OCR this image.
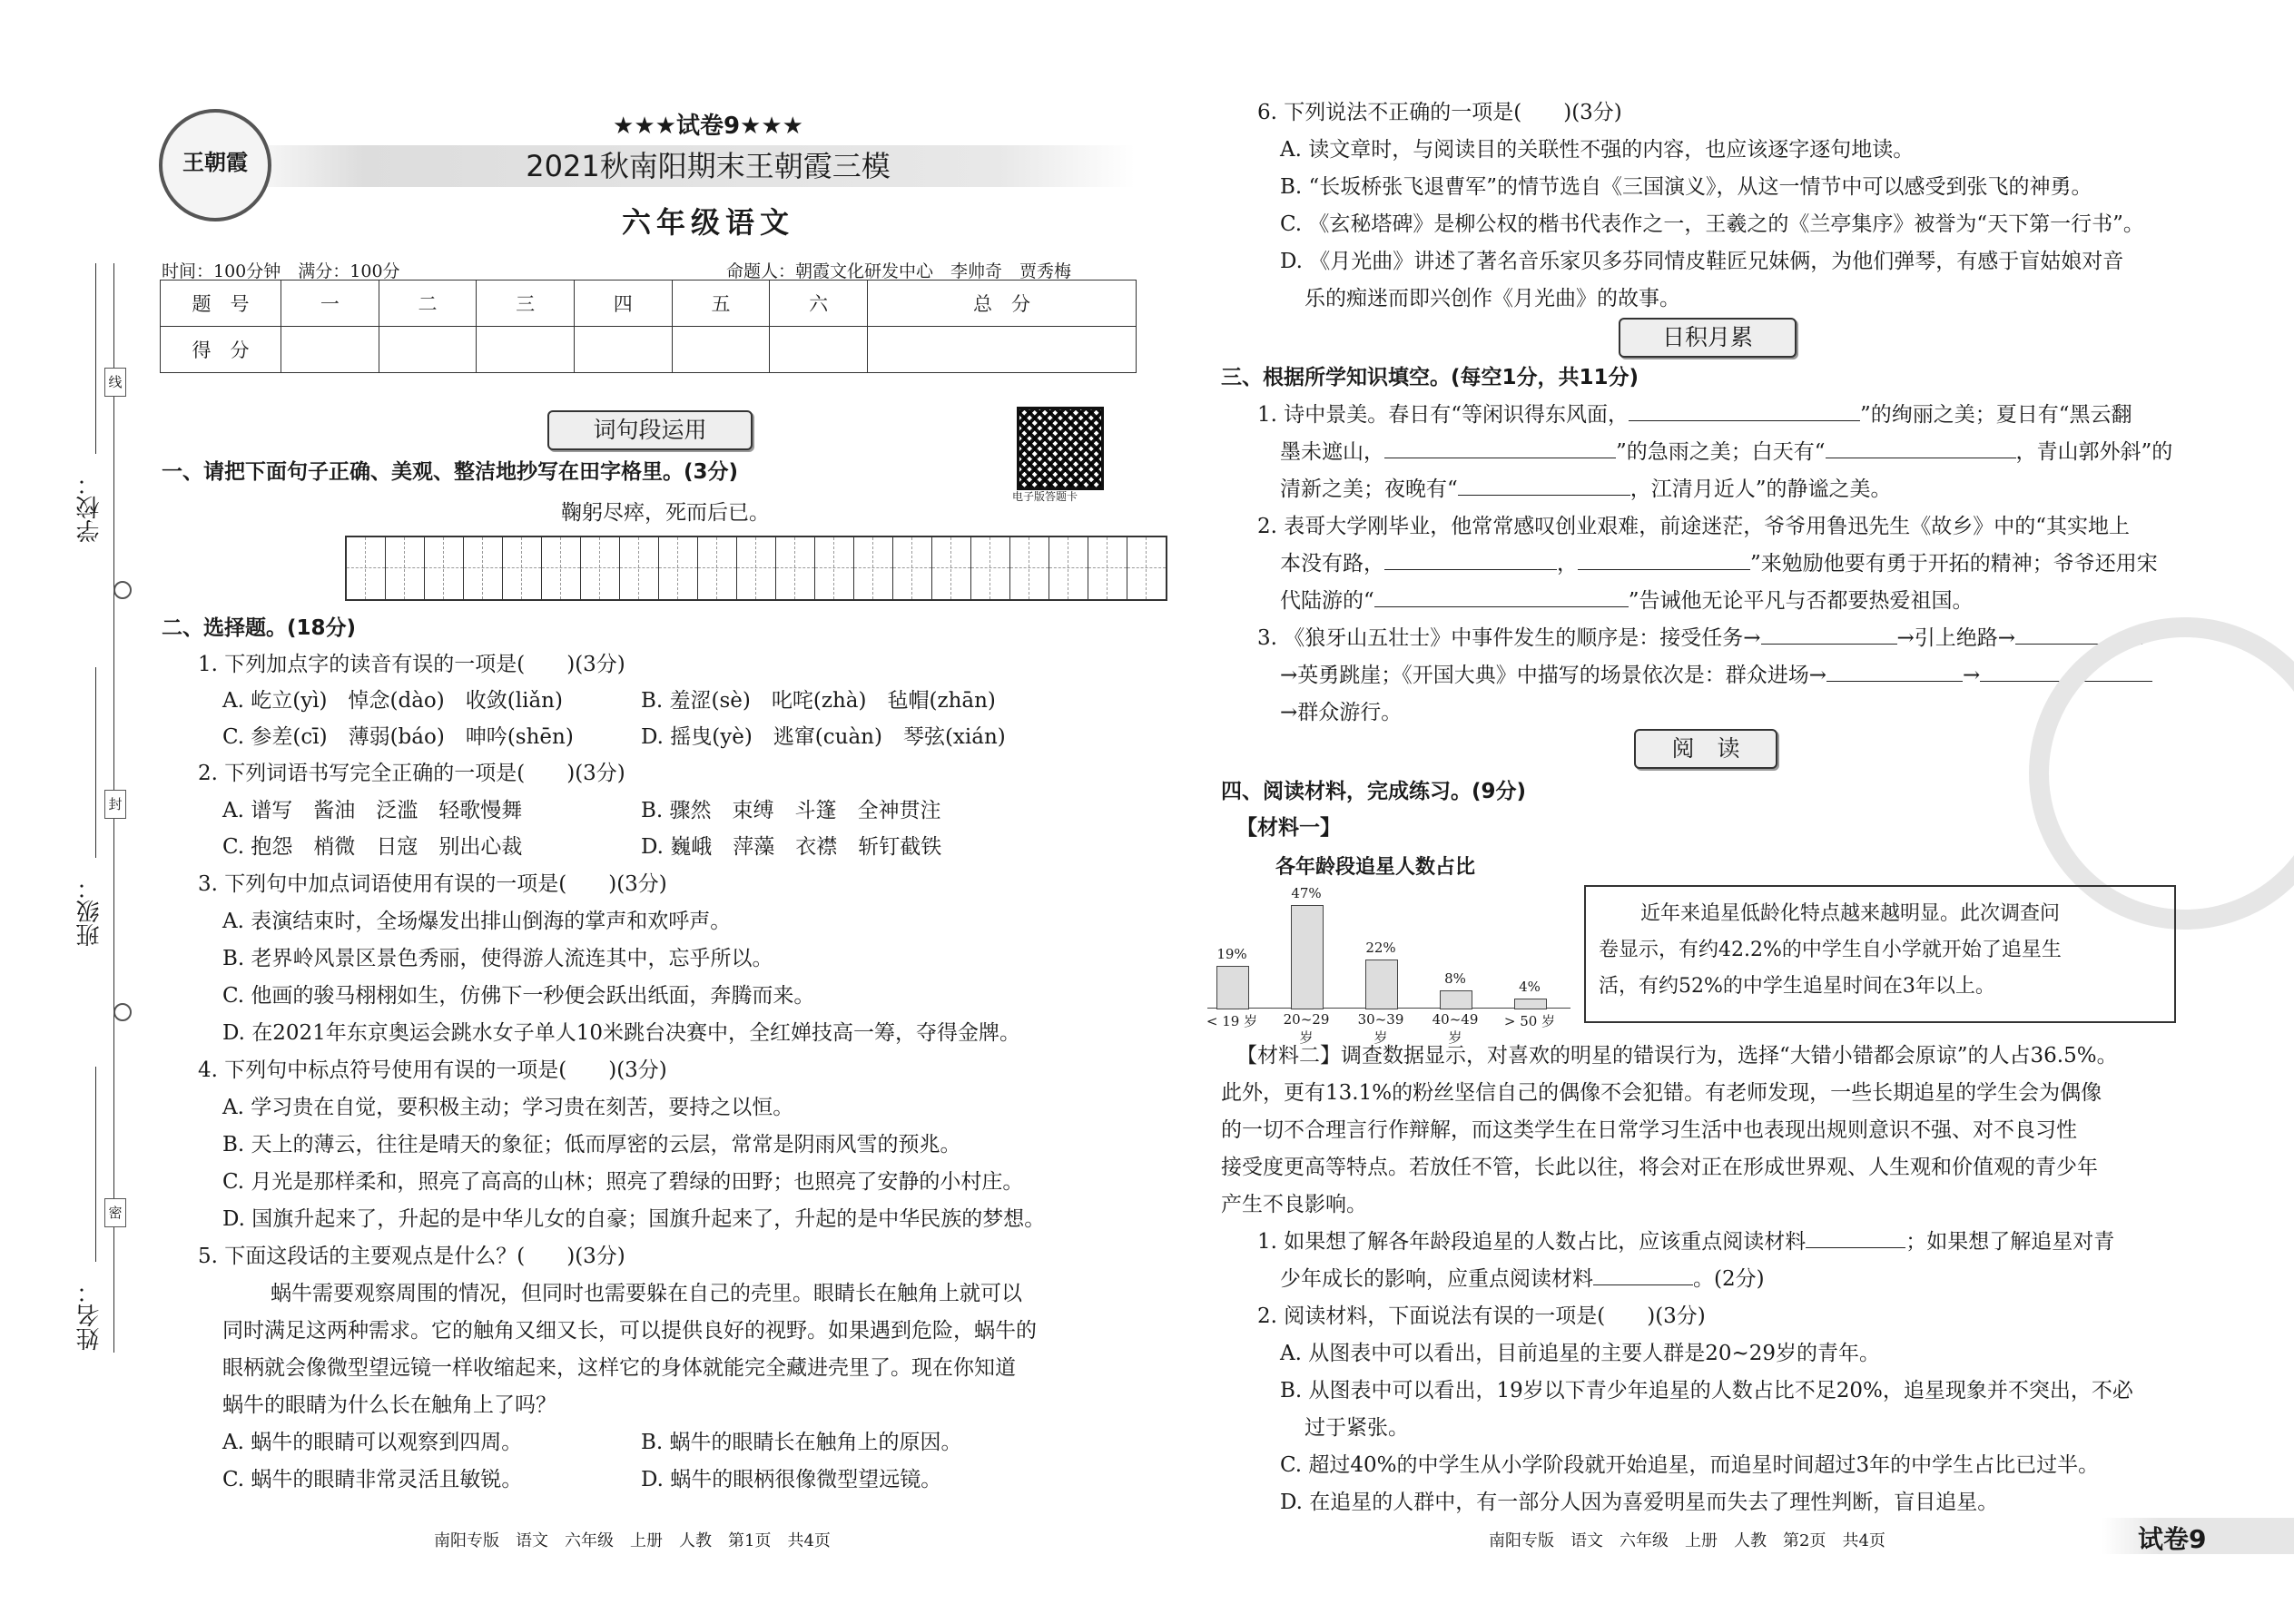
线
封
密
学校：
班级：
姓名：
王朝霞
★★★试卷9★★★
2021秋南阳期末王朝霞三模
六年级语文
时间：100分钟　满分：100分	命题人：朝霞文化研发中心　李帅奇　贾秀梅
题　号	一	二	三	四	五	六	总　分
得　分							
词句段运用
电子版答题卡
一、请把下面句子正确、美观、整洁地抄写在田字格里。(3分)
鞠躬尽瘁，死而后已。
二、选择题。(18分)
1. 下列加点字的读音有误的一项是(　　)(3分)
A. 屹立(yì)　悼念(dào)　收敛(liǎn)	B. 羞涩(sè)　叱咤(zhà)　毡帽(zhān)
C. 参差(cī)　薄弱(báo)　呻吟(shēn)	D. 摇曳(yè)　逃窜(cuàn)　琴弦(xián)
2. 下列词语书写完全正确的一项是(　　)(3分)
A. 谱写　酱油　泛滥　轻歌慢舞	B. 骤然　束缚　斗篷　全神贯注
C. 抱怨　梢微　日寇　别出心裁	D. 巍峨　萍藻　衣襟　斩钉截铁
3. 下列句中加点词语使用有误的一项是(　　)(3分)
A. 表演结束时，全场爆发出排山倒海的掌声和欢呼声。
B. 老界岭风景区景色秀丽，使得游人流连其中，忘乎所以。
C. 他画的骏马栩栩如生，仿佛下一秒便会跃出纸面，奔腾而来。
D. 在2021年东京奥运会跳水女子单人10米跳台决赛中，全红婵技高一筹，夺得金牌。
4. 下列句中标点符号使用有误的一项是(　　)(3分)
A. 学习贵在自觉，要积极主动；学习贵在刻苦，要持之以恒。
B. 天上的薄云，往往是晴天的象征；低而厚密的云层，常常是阴雨风雪的预兆。
C. 月光是那样柔和，照亮了高高的山林；照亮了碧绿的田野；也照亮了安静的小村庄。
D. 国旗升起来了，升起的是中华儿女的自豪；国旗升起来了，升起的是中华民族的梦想。
5. 下面这段话的主要观点是什么？(　　)(3分)
蜗牛需要观察周围的情况，但同时也需要躲在自己的壳里。眼睛长在触角上就可以
同时满足这两种需求。它的触角又细又长，可以提供良好的视野。如果遇到危险，蜗牛的
眼柄就会像微型望远镜一样收缩起来，这样它的身体就能完全藏进壳里了。现在你知道
蜗牛的眼睛为什么长在触角上了吗？
A. 蜗牛的眼睛可以观察到四周。	B. 蜗牛的眼睛长在触角上的原因。
C. 蜗牛的眼睛非常灵活且敏锐。	D. 蜗牛的眼柄很像微型望远镜。
南阳专版　语文　六年级　上册　人教　第1页　共4页
6. 下列说法不正确的一项是(　　)(3分)
A. 读文章时，与阅读目的关联性不强的内容，也应该逐字逐句地读。
B. “长坂桥张飞退曹军”的情节选自《三国演义》，从这一情节中可以感受到张飞的神勇。
C. 《玄秘塔碑》是柳公权的楷书代表作之一，王羲之的《兰亭集序》被誉为“天下第一行书”。
D. 《月光曲》讲述了著名音乐家贝多芬同情皮鞋匠兄妹俩，为他们弹琴，有感于盲姑娘对音
乐的痴迷而即兴创作《月光曲》的故事。
日积月累
三、根据所学知识填空。(每空1分，共11分)
1. 诗中景美。春日有“等闲识得东风面，	”的绚丽之美；夏日有“黑云翻
墨未遮山，	”的急雨之美；白天有“	，青山郭外斜”的
清新之美；夜晚有“	，江清月近人”的静谧之美。
2. 表哥大学刚毕业，他常常感叹创业艰难，前途迷茫，爷爷用鲁迅先生《故乡》中的“其实地上
本没有路，	，	”来勉励他要有勇于开拓的精神；爷爷还用宋
代陆游的“	”告诫他无论平凡与否都要热爱祖国。
3. 《狼牙山五壮士》中事件发生的顺序是：接受任务→	→引上绝路→
→英勇跳崖；《开国大典》中描写的场景依次是：群众进场→	→
→群众游行。
阅　读
四、阅读材料，完成练习。(9分)
【材料一】
各年龄段追星人数占比
19%
< 19 岁
47%
20~29 岁
22%
30~39 岁
8%
40~49 岁
4%
> 50 岁
近年来追星低龄化特点越来越明显。此次调查问
卷显示，有约42.2%的中学生自小学就开始了追星生
活，有约52%的中学生追星时间在3年以上。
【材料二】调查数据显示，对喜欢的明星的错误行为，选择“大错小错都会原谅”的人占36.5%。
此外，更有13.1%的粉丝坚信自己的偶像不会犯错。有老师发现，一些长期追星的学生会为偶像
的一切不合理言行作辩解，而这类学生在日常学习生活中也表现出规则意识不强、对不良习性
接受度更高等特点。若放任不管，长此以往，将会对正在形成世界观、人生观和价值观的青少年
产生不良影响。
1. 如果想了解各年龄段追星的人数占比，应该重点阅读材料	；如果想了解追星对青
少年成长的影响，应重点阅读材料	。(2分)
2. 阅读材料，下面说法有误的一项是(　　)(3分)
A. 从图表中可以看出，目前追星的主要人群是20~29岁的青年。
B. 从图表中可以看出，19岁以下青少年追星的人数占比不足20%，追星现象并不突出，不必
过于紧张。
C. 超过40%的中学生从小学阶段就开始追星，而追星时间超过3年的中学生占比已过半。
D. 在追星的人群中，有一部分人因为喜爱明星而失去了理性判断，盲目追星。
南阳专版　语文　六年级　上册　人教　第2页　共4页	试卷9
